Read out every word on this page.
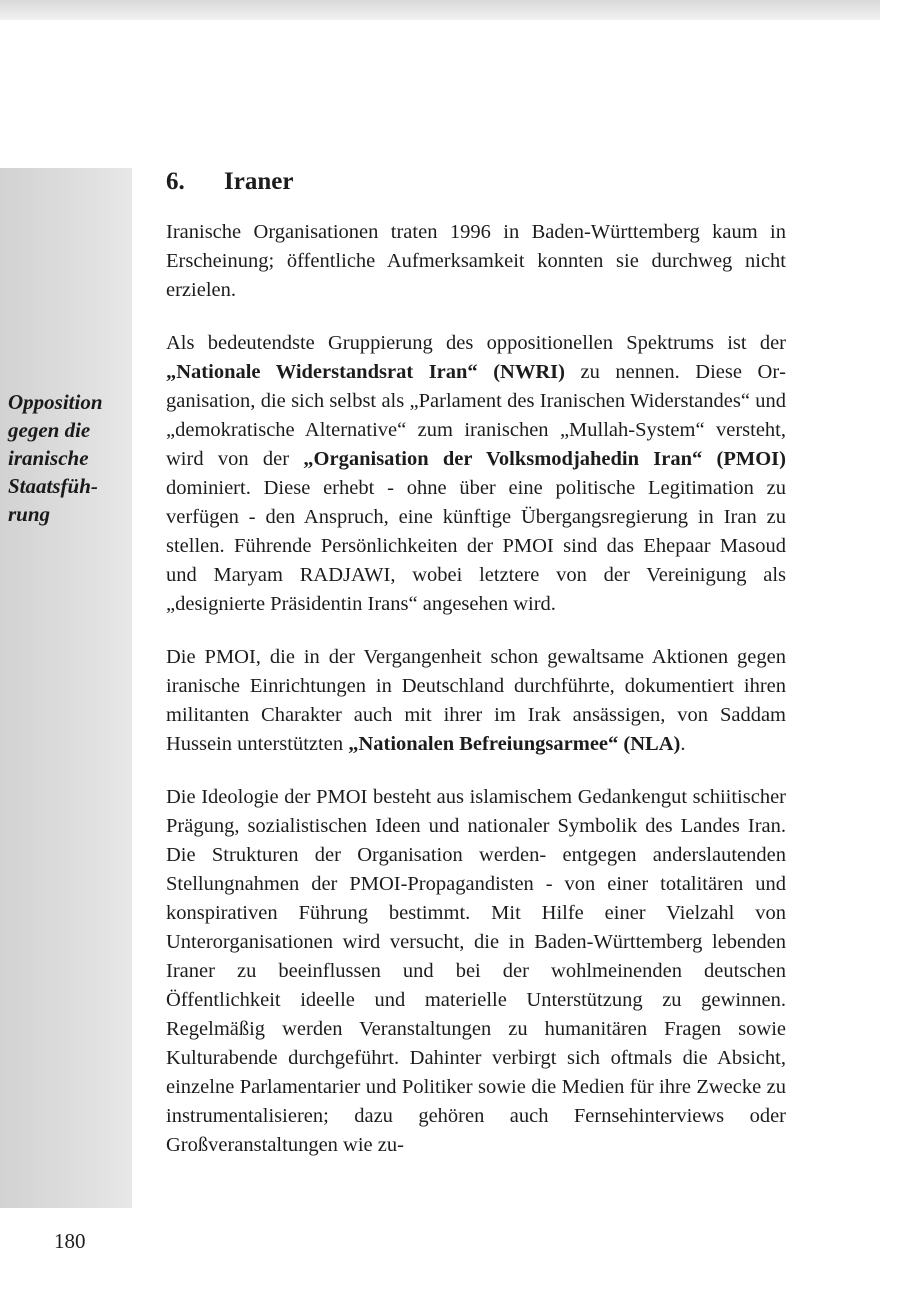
Opposition
gegen die
iranische
Staatsfüh-
rung
6.	Iraner

Iranische Organisationen traten 1996 in Baden-Württemberg kaum in Erscheinung; öffentliche Aufmerksamkeit konnten sie durchweg nicht erzielen.

Als bedeutendste Gruppierung des oppositionellen Spektrums ist der „Nationale Widerstandsrat Iran“ (NWRI) zu nennen. Diese Organisation, die sich selbst als „Parlament des Iranischen Widerstandes“ und „demokratische Alternative“ zum iranischen „Mullah-System“ versteht, wird von der „Organisation der Volksmodjahedin Iran“ (PMOI) dominiert. Diese erhebt - ohne über eine politische Legitimation zu verfügen - den Anspruch, eine künftige Übergangsregierung in Iran zu stellen. Führende Persönlichkeiten der PMOI sind das Ehepaar Masoud und Maryam RADJAWI, wobei letztere von der Vereinigung als „designierte Präsidentin Irans“ angesehen wird.

Die PMOI, die in der Vergangenheit schon gewaltsame Aktionen gegen iranische Einrichtungen in Deutschland durchführte, dokumentiert ihren militanten Charakter auch mit ihrer im Irak ansässigen, von Saddam Hussein unterstützten „Nationalen Befreiungsarmee“ (NLA).

Die Ideologie der PMOI besteht aus islamischem Gedankengut schiitischer Prägung, sozialistischen Ideen und nationaler Symbolik des Landes Iran. Die Strukturen der Organisation werden- entgegen anderslautenden Stellungnahmen der PMOI-Propagandisten - von einer totalitären und konspirativen Führung bestimmt. Mit Hilfe einer Vielzahl von Unterorganisationen wird versucht, die in Baden-Württemberg lebenden Iraner zu beeinflussen und bei der wohlmeinenden deutschen Öffentlichkeit ideelle und materielle Unterstützung zu gewinnen. Regelmäßig werden Veranstaltungen zu humanitären Fragen sowie Kulturabende durchgeführt. Dahinter verbirgt sich oftmals die Absicht, einzelne Parlamentarier und Politiker sowie die Medien für ihre Zwecke zu instrumentalisieren; dazu gehören auch Fernsehinterviews oder Großveranstaltungen wie zu-

180
